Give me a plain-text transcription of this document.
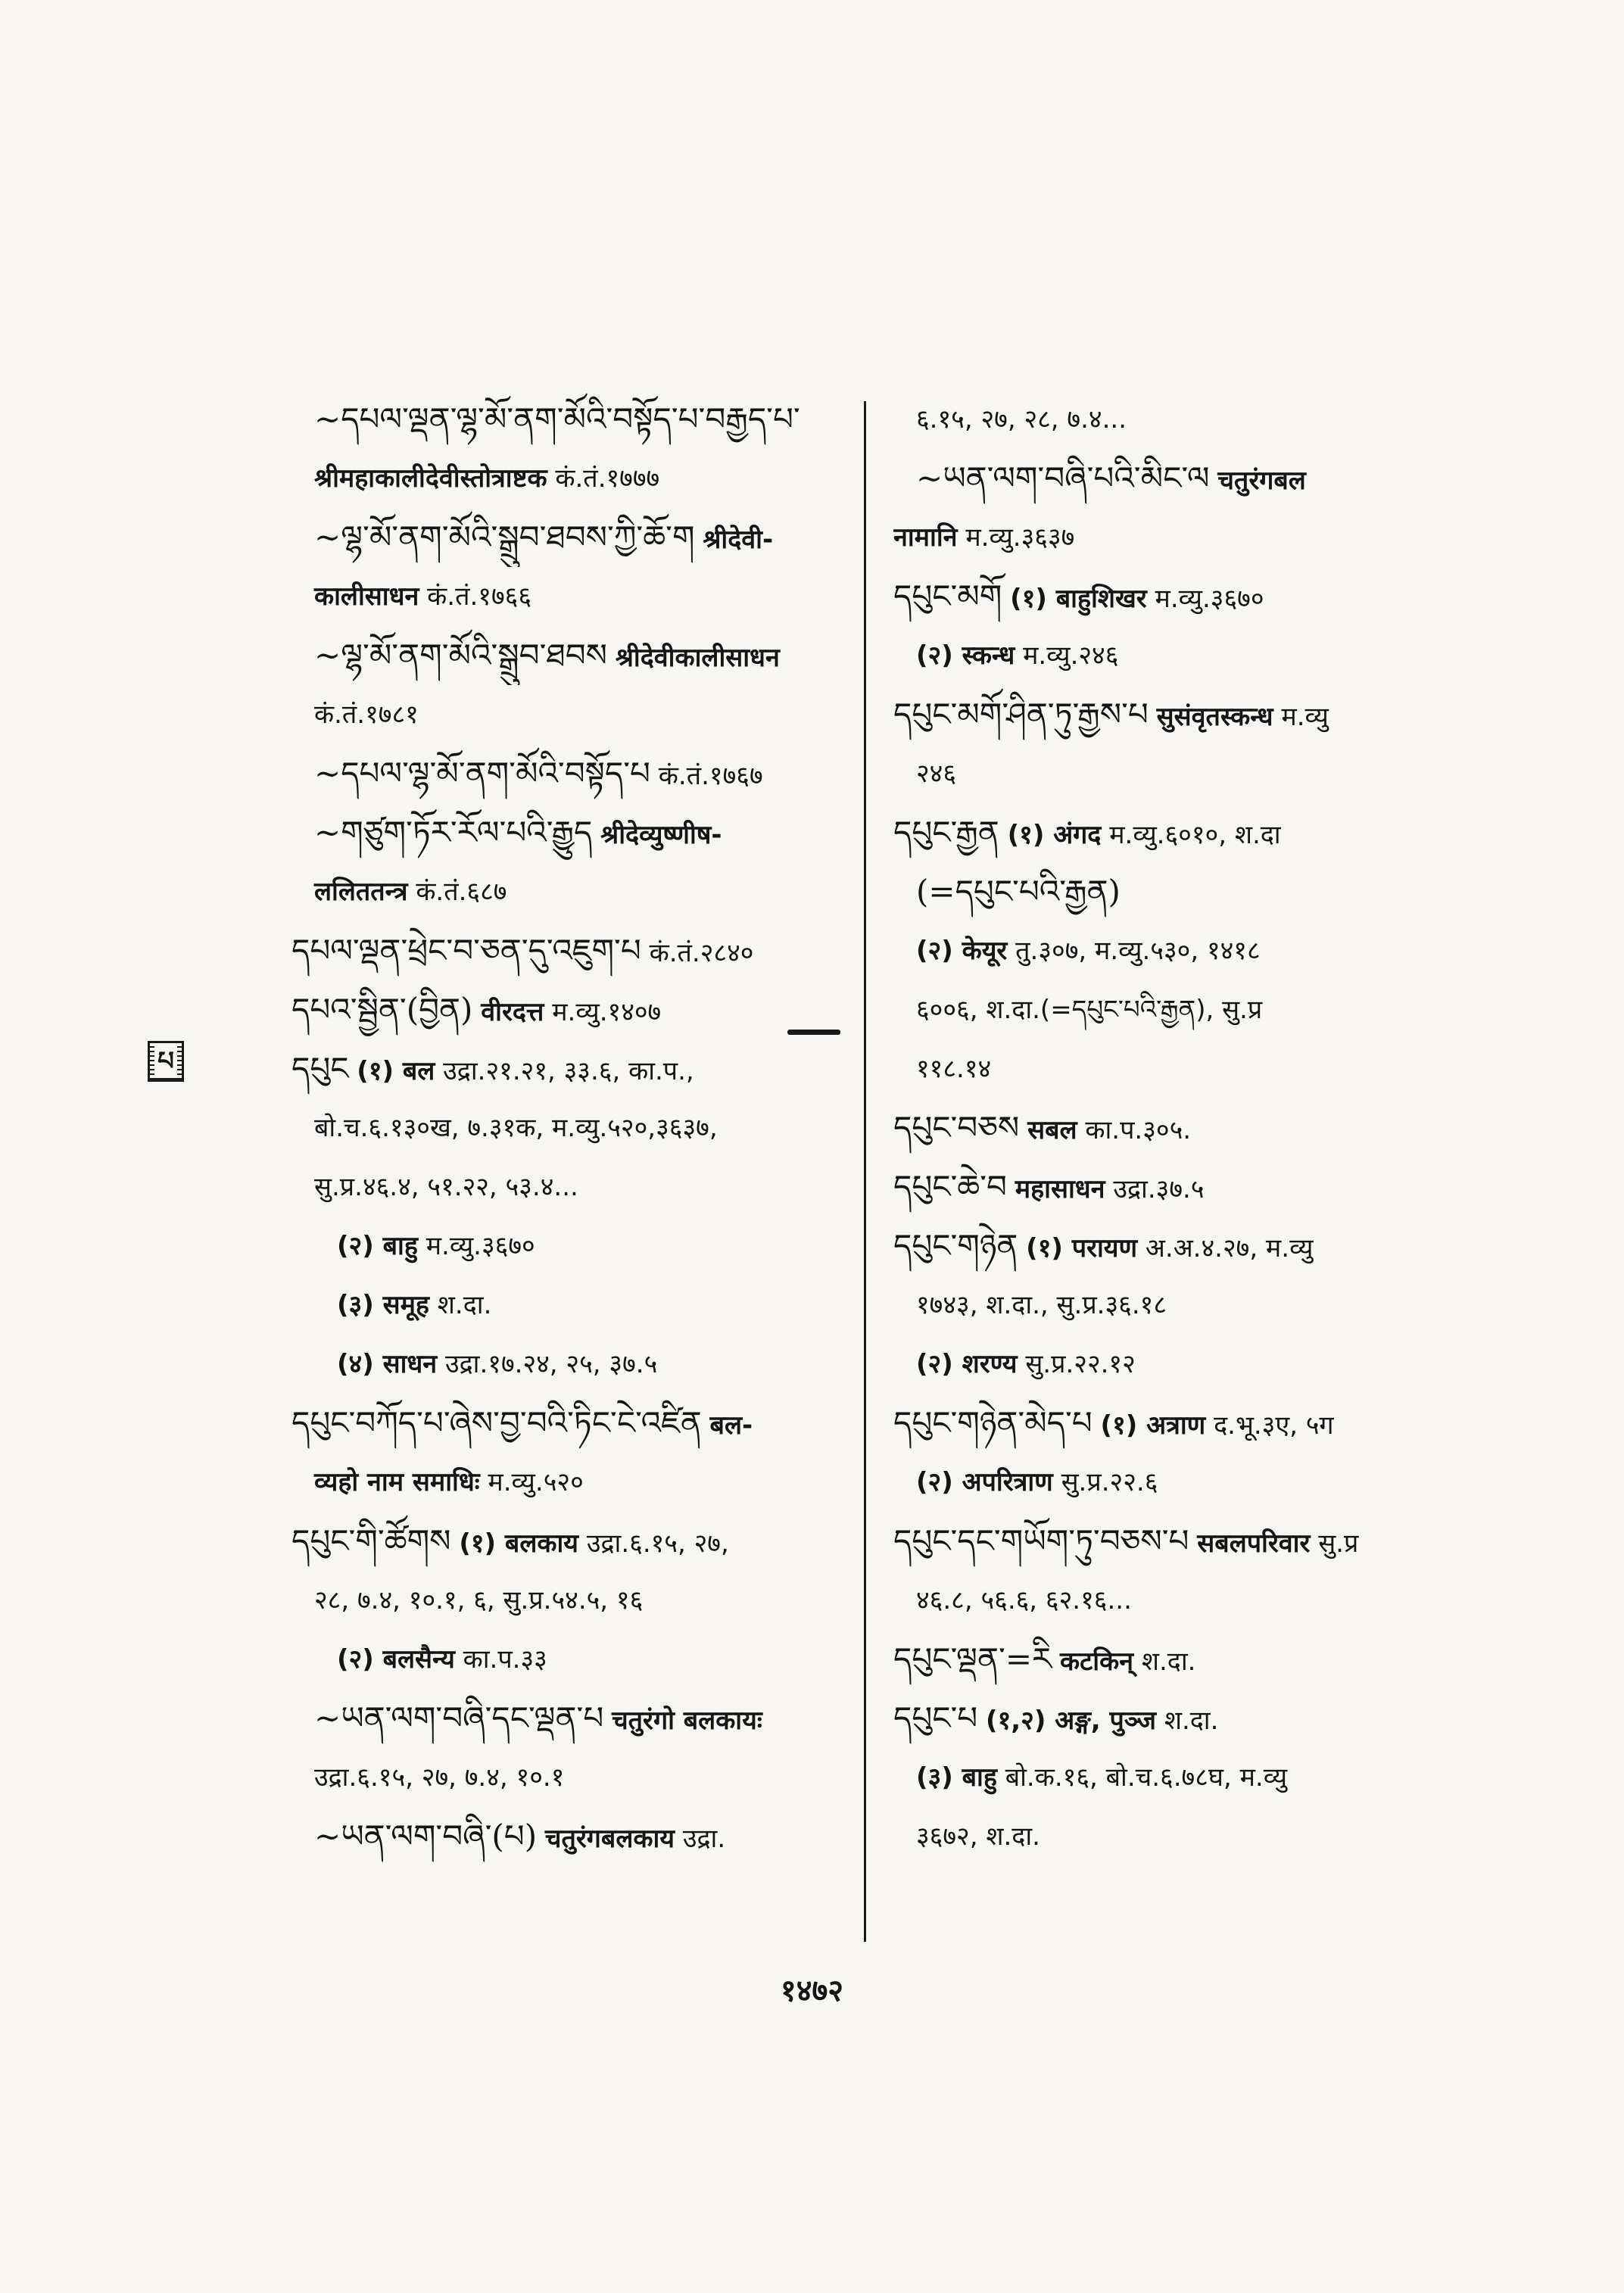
~དཔལ་ལྡན་ལྷ་མོ་ནག་མོའི་བསྟོད་པ་བརྒྱད་པ་
श्रीमहाकालीदेवीस्तोत्राष्टक कं.तं.१७७७
~ལྷ་མོ་ནག་མོའི་སྒྲུབ་ཐབས་ཀྱི་ཆོ་ག श्रीदेवी-
कालीसाधन कं.तं.१७६६
~ལྷ་མོ་ནག་མོའི་སྒྲུབ་ཐབས श्रीदेवीकालीसाधन
कं.तं.१७८१
~དཔལ་ལྷ་མོ་ནག་མོའི་བསྟོད་པ कं.तं.१७६७
~གཙུག་ཏོར་རོལ་པའི་རྒྱུད श्रीदेव्युष्णीष-
ललिततन्त्र कं.तं.६८७
དཔལ་ལྡན་ཕྲེང་བ་ཅན་དུ་འཇུག་པ कं.तं.२८४०
དཔའ་སྦྱིན་(བྱིན) वीरदत्त म.व्यु.१४०७
དཔུང (१) बल उद्रा.२१.२१, ३३.६, का.प.,
बो.च.६.१३०ख, ७.३१क, म.व्यु.५२०,३६३७,
सु.प्र.४६.४, ५१.२२, ५३.४...
(२) बाहु म.व्यु.३६७०
(३) समूह श.दा.
(४) साधन उद्रा.१७.२४, २५, ३७.५
དཔུང་བཀོད་པ་ཞེས་བྱ་བའི་ཏིང་ངེ་འཛིན बल-
व्यहो नाम समाधिः म.व्यु.५२०
དཔུང་གི་ཚོགས (१) बलकाय उद्रा.६.१५, २७,
२८, ७.४, १०.१, ६, सु.प्र.५४.५, १६
(२) बलसैन्य का.प.३३
~ཡན་ལག་བཞི་དང་ལྡན་པ चतुरंगो बलकायः
उद्रा.६.१५, २७, ७.४, १०.१
~ཡན་ལག་བཞི་(པ) चतुरंगबलकाय उद्रा.
६.१५, २७, २८, ७.४...
~ཡན་ལག་བཞི་པའི་མིང་ལ चतुरंगबल
नामानि म.व्यु.३६३७
དཔུང་མགོ (१) बाहुशिखर म.व्यु.३६७०
(२) स्कन्ध म.व्यु.२४६
དཔུང་མགོ་ཤིན་ཏུ་རྒྱས་པ सुसंवृतस्कन्ध म.व्यु
२४६
དཔུང་རྒྱན (१) अंगद म.व्यु.६०१०, श.दा
(=དཔུང་པའི་རྒྱན)
(२) केयूर तु.३०७, म.व्यु.५३०, १४१८
६००६, श.दा.(=དཔུང་པའི་རྒྱན), सु.प्र
११८.१४
དཔུང་བཅས सबल का.प.३०५.
དཔུང་ཆེ་བ महासाधन उद्रा.३७.५
དཔུང་གཉེན (१) परायण अ.अ.४.२७, म.व्यु
१७४३, श.दा., सु.प्र.३६.१८
(२) शरण्य सु.प्र.२२.१२
དཔུང་གཉེན་མེད་པ (१) अत्राण द.भू.३ए, ५ग
(२) अपरित्राण सु.प्र.२२.६
དཔུང་དང་གཡོག་ཏུ་བཅས་པ सबलपरिवार सु.प्र
४६.८, ५६.६, ६२.१६...
དཔུང་ལྡན་=རི कटकिन् श.दा.
དཔུང་པ (१,२) अङ्ग, पुञ्ज श.दा.
(३) बाहु बो.क.१६, बो.च.६.७८घ, म.व्यु
३६७२, श.दा.
པ
१४७२
